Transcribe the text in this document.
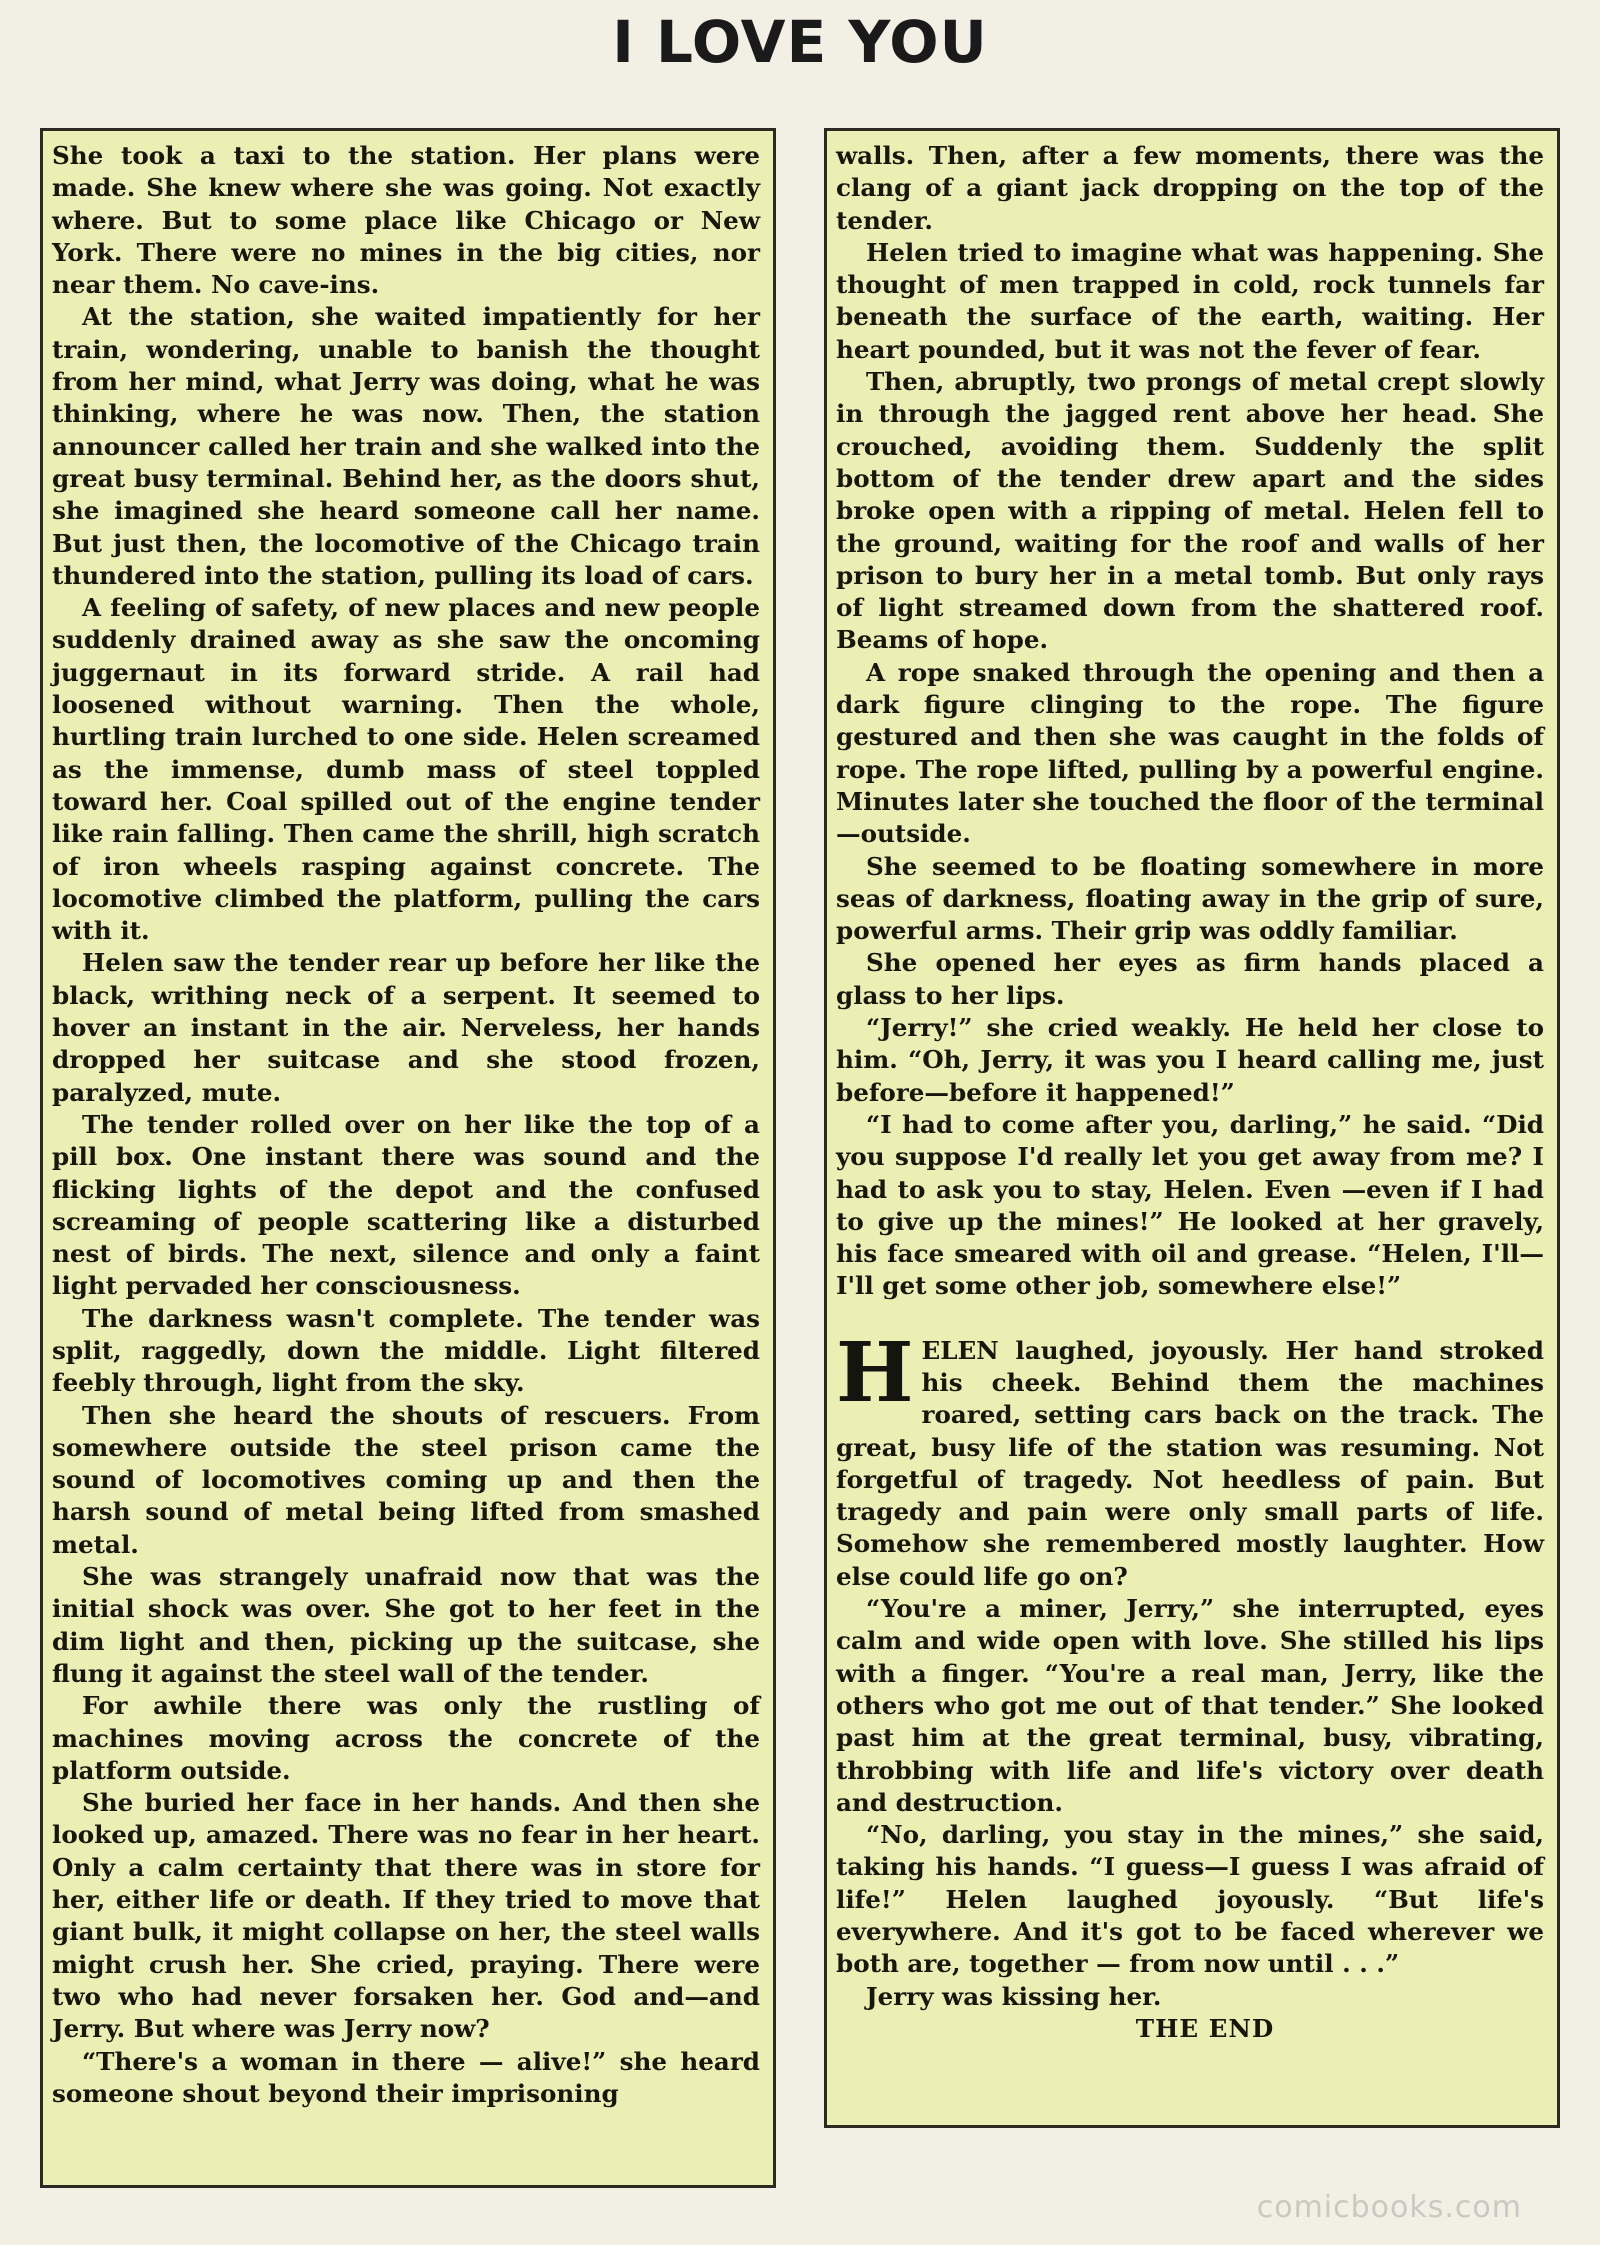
I LOVE YOU

She took a taxi to the station. Her plans were made. She knew where she was going. Not exactly where. But to some place like Chicago or New York. There were no mines in the big cities, nor near them. No cave-ins.

At the station, she waited impatiently for her train, wondering, unable to banish the thought from her mind, what Jerry was doing, what he was thinking, where he was now. Then, the station announcer called her train and she walked into the great busy terminal. Behind her, as the doors shut, she imagined she heard someone call her name. But just then, the locomotive of the Chicago train thundered into the station, pulling its load of cars.

A feeling of safety, of new places and new people suddenly drained away as she saw the oncoming juggernaut in its forward stride. A rail had loosened without warning. Then the whole, hurtling train lurched to one side. Helen screamed as the immense, dumb mass of steel toppled toward her. Coal spilled out of the engine tender like rain falling. Then came the shrill, high scratch of iron wheels rasping against concrete. The locomotive climbed the platform, pulling the cars with it.

Helen saw the tender rear up before her like the black, writhing neck of a serpent. It seemed to hover an instant in the air. Nerveless, her hands dropped her suitcase and she stood frozen, paralyzed, mute.

The tender rolled over on her like the top of a pill box. One instant there was sound and the flicking lights of the depot and the confused screaming of people scattering like a disturbed nest of birds. The next, silence and only a faint light pervaded her consciousness.

The darkness wasn't complete. The tender was split, raggedly, down the middle. Light filtered feebly through, light from the sky.

Then she heard the shouts of rescuers. From somewhere outside the steel prison came the sound of locomotives coming up and then the harsh sound of metal being lifted from smashed metal.

She was strangely unafraid now that was the initial shock was over. She got to her feet in the dim light and then, picking up the suitcase, she flung it against the steel wall of the tender.

For awhile there was only the rustling of machines moving across the concrete of the platform outside.

She buried her face in her hands. And then she looked up, amazed. There was no fear in her heart. Only a calm certainty that there was in store for her, either life or death. If they tried to move that giant bulk, it might collapse on her, the steel walls might crush her. She cried, praying. There were two who had never forsaken her. God and—and Jerry. But where was Jerry now?

“There's a woman in there — alive!” she heard someone shout beyond their imprisoning

walls. Then, after a few moments, there was the clang of a giant jack dropping on the top of the tender.

Helen tried to imagine what was happening. She thought of men trapped in cold, rock tunnels far beneath the surface of the earth, waiting. Her heart pounded, but it was not the fever of fear.

Then, abruptly, two prongs of metal crept slowly in through the jagged rent above her head. She crouched, avoiding them. Suddenly the split bottom of the tender drew apart and the sides broke open with a ripping of metal. Helen fell to the ground, waiting for the roof and walls of her prison to bury her in a metal tomb. But only rays of light streamed down from the shattered roof. Beams of hope.

A rope snaked through the opening and then a dark figure clinging to the rope. The figure gestured and then she was caught in the folds of rope. The rope lifted, pulling by a powerful engine. Minutes later she touched the floor of the terminal—outside.

She seemed to be floating somewhere in more seas of darkness, floating away in the grip of sure, powerful arms. Their grip was oddly familiar.

She opened her eyes as firm hands placed a glass to her lips.

“Jerry!” she cried weakly. He held her close to him. “Oh, Jerry, it was you I heard calling me, just before—before it happened!”

“I had to come after you, darling,” he said. “Did you suppose I'd really let you get away from me? I had to ask you to stay, Helen. Even —even if I had to give up the mines!” He looked at her gravely, his face smeared with oil and grease. “Helen, I'll—I'll get some other job, somewhere else!”

HELEN laughed, joyously. Her hand stroked his cheek. Behind them the machines roared, setting cars back on the track. The great, busy life of the station was resuming. Not forgetful of tragedy. Not heedless of pain. But tragedy and pain were only small parts of life. Somehow she remembered mostly laughter. How else could life go on?

“You're a miner, Jerry,” she interrupted, eyes calm and wide open with love. She stilled his lips with a finger. “You're a real man, Jerry, like the others who got me out of that tender.” She looked past him at the great terminal, busy, vibrating, throbbing with life and life's victory over death and destruction.

“No, darling, you stay in the mines,” she said, taking his hands. “I guess—I guess I was afraid of life!” Helen laughed joyously. “But life's everywhere. And it's got to be faced wherever we both are, together — from now until . . .”

Jerry was kissing her.

THE END

comicbooks.com
